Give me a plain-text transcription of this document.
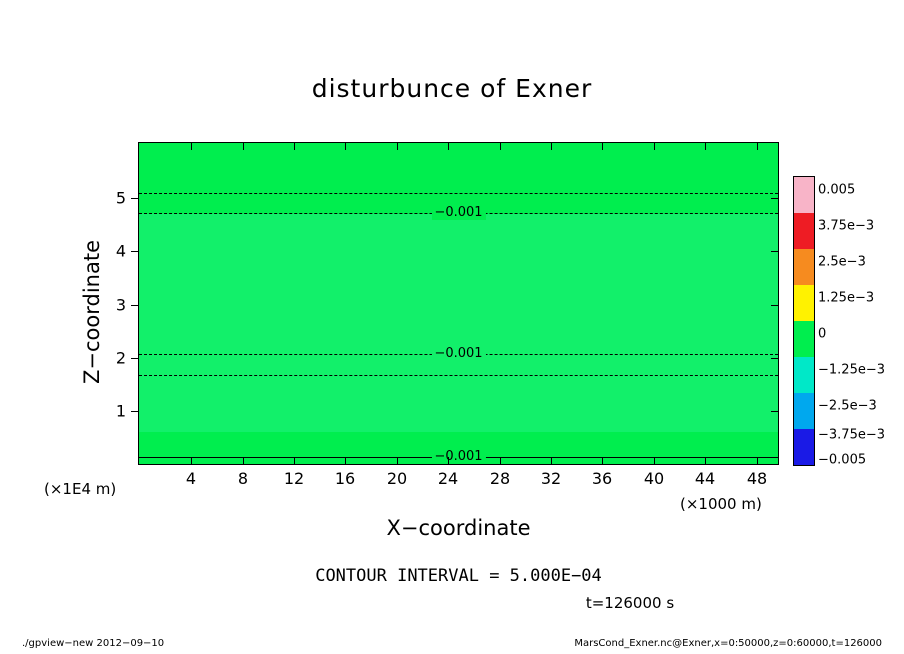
disturbunce of Exner
−0.001
−0.001
−0.001
4	8 12 16 20 24 28 32 36 40 44 48
1
2
3
4
5
Z−coordinate
X−coordinate
(×1000 m)
(×1E4 m)
CONTOUR INTERVAL = 5.000E−04
t=126000 s
0.005
3.75e−3
2.5e−3
1.25e−3
0
−1.25e−3
−2.5e−3
−3.75e−3
−0.005
./gpview−new 2012−09−10	MarsCond_Exner.nc@Exner,x=0:50000,z=0:60000,t=126000
